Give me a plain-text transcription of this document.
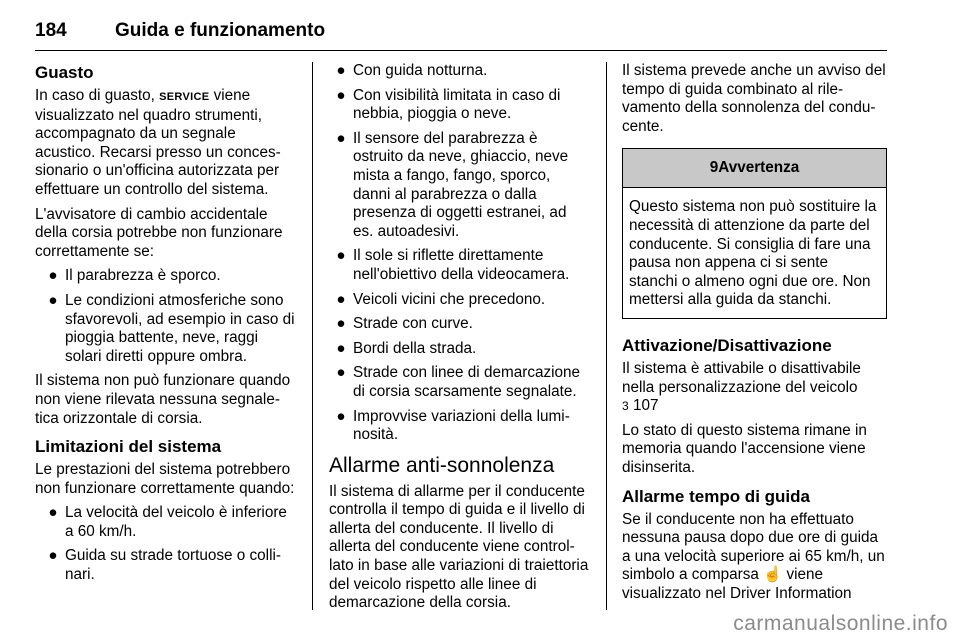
184	Guida e funzionamento
Guasto

In caso di guasto, SERVICE viene visualizzato nel quadro strumenti, accompagnato da un segnale acustico. Recarsi presso un concessionario o un'officina autorizzata per effettuare un controllo del sistema.

L'avvisatore di cambio accidentale della corsia potrebbe non funzionare correttamente se:

● Il parabrezza è sporco.
● Le condizioni atmosferiche sono sfavorevoli, ad esempio in caso di pioggia battente, neve, raggi solari diretti oppure ombra.

Il sistema non può funzionare quando non viene rilevata nessuna segnaletica orizzontale di corsia.

Limitazioni del sistema

Le prestazioni del sistema potrebbero non funzionare correttamente quando:

● La velocità del veicolo è inferiore a 60 km/h.
● Guida su strade tortuose o collinari.
● Con guida notturna.
● Con visibilità limitata in caso di nebbia, pioggia o neve.
● Il sensore del parabrezza è ostruito da neve, ghiaccio, neve mista a fango, fango, sporco, danni al parabrezza o dalla presenza di oggetti estranei, ad es. autoadesivi.
● Il sole si riflette direttamente nell'obiettivo della videocamera.
● Veicoli vicini che precedono.
● Strade con curve.
● Bordi della strada.
● Strade con linee di demarcazione di corsia scarsamente segnalate.
● Improvvise variazioni della luminosità.
Allarme anti-sonnolenza

Il sistema di allarme per il conducente controlla il tempo di guida e il livello di allerta del conducente. Il livello di allerta del conducente viene controllato in base alle variazioni di traiettoria del veicolo rispetto alle linee di demarcazione della corsia.

Il sistema prevede anche un avviso del tempo di guida combinato al rilevamento della sonnolenza del conducente.

9Avvertenza
Questo sistema non può sostituire la necessità di attenzione da parte del conducente. Si consiglia di fare una pausa non appena ci si sente stanchi o almeno ogni due ore. Non mettersi alla guida da stanchi.
Attivazione/Disattivazione

Il sistema è attivabile o disattivabile nella personalizzazione del veicolo
3 107

Lo stato di questo sistema rimane in memoria quando l'accensione viene disinserita.

Allarme tempo di guida

Se il conducente non ha effettuato nessuna pausa dopo due ore di guida a una velocità superiore ai 65 km/h, un simbolo a comparsa ☝ viene visualizzato nel Driver Information

carmanualsonline.info
